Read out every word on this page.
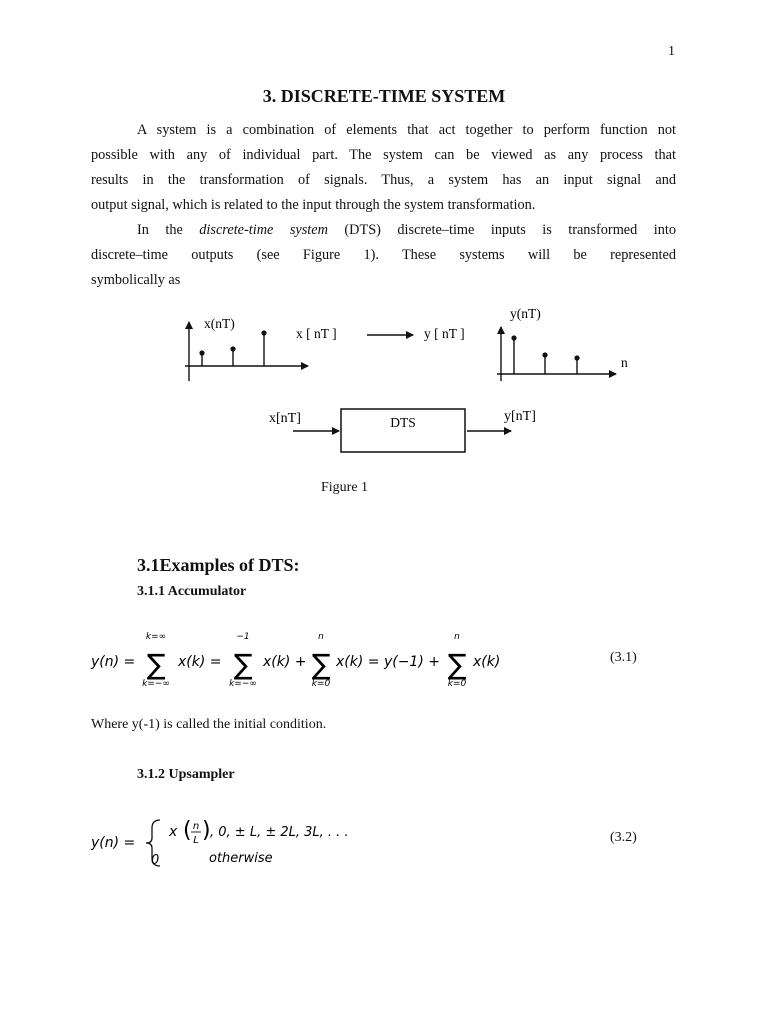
1
3. DISCRETE-TIME SYSTEM
A system is a combination of elements that act together to perform function not
possible with any of individual part. The system can be viewed as any process that
results in the transformation of signals. Thus, a system has an input signal and
output signal, which is related to the input through the system transformation.
In the discrete-time system (DTS) discrete–time inputs is transformed into
discrete–time outputs (see Figure 1). These systems will be represented
symbolically as
x(nT)
x [ nT ]	y [ nT ]
y(nT)
n
x[nT]	DTS	y[nT]
Figure 1
3.1Examples of DTS:
3.1.1 Accumulator
y(n) =
k=∞
∑
k=−∞
x(k) =
−1
∑
k=−∞
x(k) +
n
∑
k=0
x(k) = y(−1) +
n
∑
k=0
x(k)	(3.1)
Where y(-1) is called the initial condition.
3.1.2 Upsampler
y(n) =
x ( n
L ) , 0, ± L, ± 2L, 3L, . . .
0	otherwise
(3.2)
